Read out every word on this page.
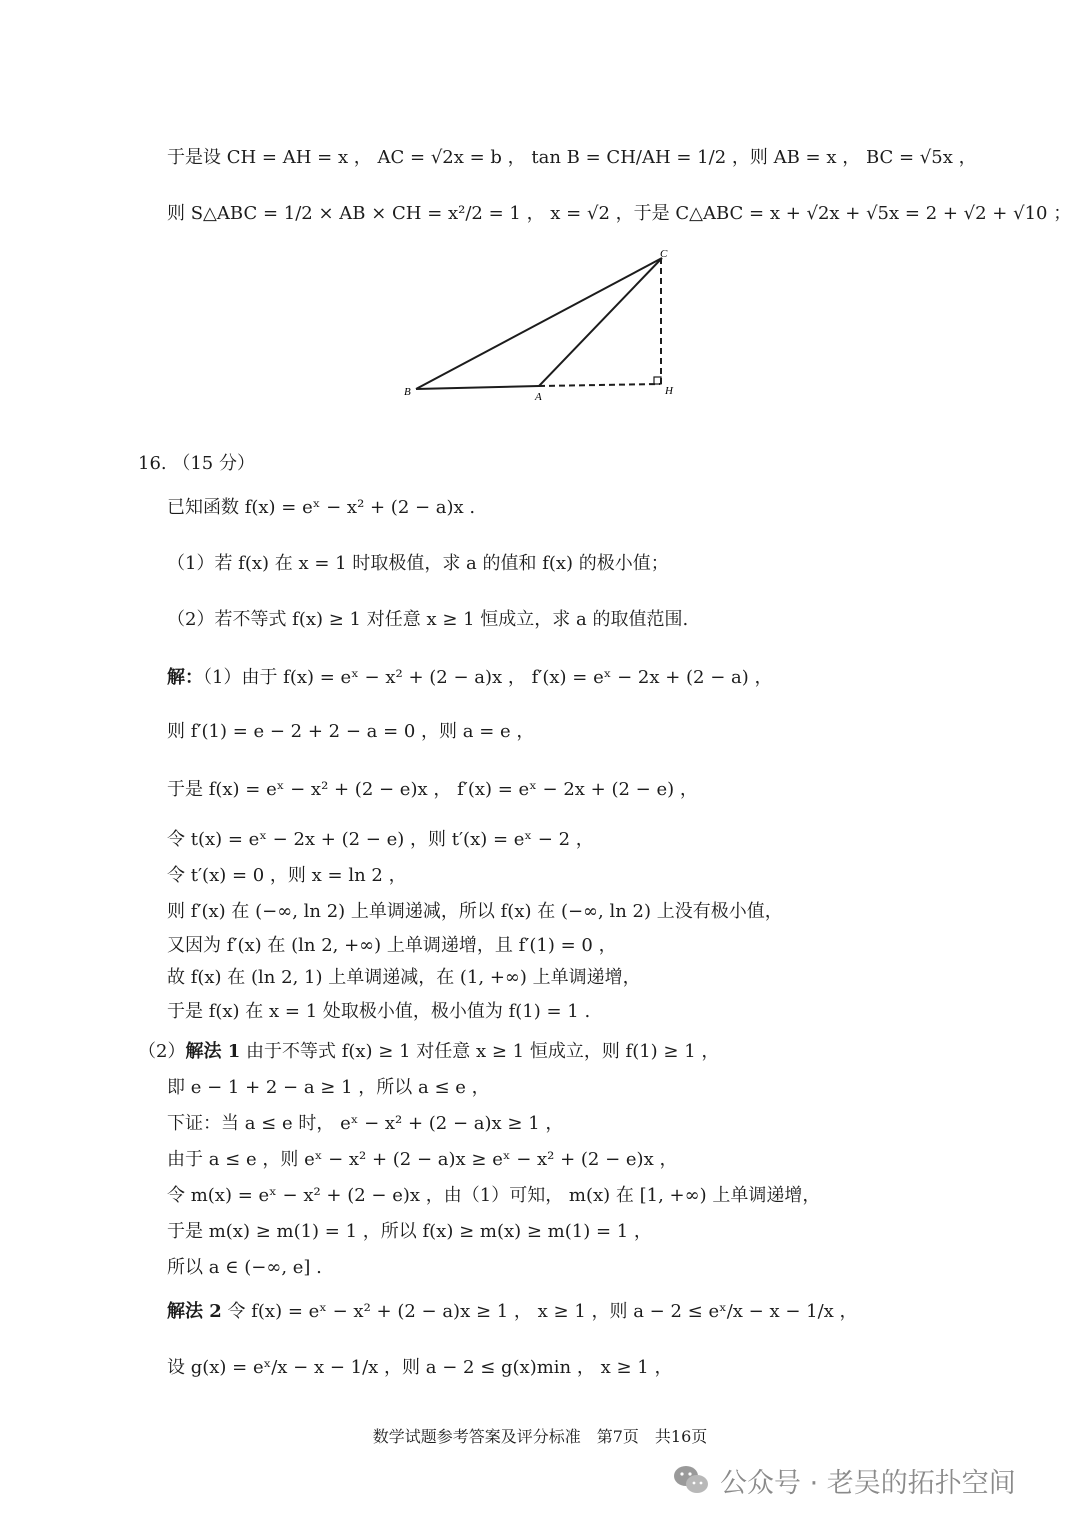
于是设 CH = AH = x ， AC = √2x = b ， tan B = CH/AH = 1/2 ，则 AB = x ， BC = √5x ，
则 S△ABC = 1/2 × AB × CH = x²/2 = 1 ， x = √2 ，于是 C△ABC = x + √2x + √5x = 2 + √2 + √10 ；
B	A
C
H
16. （15 分）
已知函数 f(x) = eˣ − x² + (2 − a)x .
（1）若 f(x) 在 x = 1 时取极值，求 a 的值和 f(x) 的极小值；
（2）若不等式 f(x) ≥ 1 对任意 x ≥ 1 恒成立，求 a 的取值范围.
解：（1）由于 f(x) = eˣ − x² + (2 − a)x ， f′(x) = eˣ − 2x + (2 − a) ，
则 f′(1) = e − 2 + 2 − a = 0 ，则 a = e ，
于是 f(x) = eˣ − x² + (2 − e)x ， f′(x) = eˣ − 2x + (2 − e) ，
令 t(x) = eˣ − 2x + (2 − e) ，则 t′(x) = eˣ − 2 ，
令 t′(x) = 0 ，则 x = ln 2 ，
则 f′(x) 在 (−∞, ln 2) 上单调递减，所以 f(x) 在 (−∞, ln 2) 上没有极小值，
又因为 f′(x) 在 (ln 2, +∞) 上单调递增，且 f′(1) = 0 ，
故 f(x) 在 (ln 2, 1) 上单调递减，在 (1, +∞) 上单调递增，
于是 f(x) 在 x = 1 处取极小值，极小值为 f(1) = 1 .
（2）解法 1 由于不等式 f(x) ≥ 1 对任意 x ≥ 1 恒成立，则 f(1) ≥ 1 ，
即 e − 1 + 2 − a ≥ 1 ，所以 a ≤ e ，
下证：当 a ≤ e 时， eˣ − x² + (2 − a)x ≥ 1 ，
由于 a ≤ e ，则 eˣ − x² + (2 − a)x ≥ eˣ − x² + (2 − e)x ，
令 m(x) = eˣ − x² + (2 − e)x ，由（1）可知， m(x) 在 [1, +∞) 上单调递增，
于是 m(x) ≥ m(1) = 1 ，所以 f(x) ≥ m(x) ≥ m(1) = 1 ，
所以 a ∈ (−∞, e] .
解法 2 令 f(x) = eˣ − x² + (2 − a)x ≥ 1 ， x ≥ 1 ，则 a − 2 ≤ eˣ/x − x − 1/x ，
设 g(x) = eˣ/x − x − 1/x ，则 a − 2 ≤ g(x)min ， x ≥ 1 ，
数学试题参考答案及评分标准　第7页　共16页
公众号 · 老吴的拓扑空间
